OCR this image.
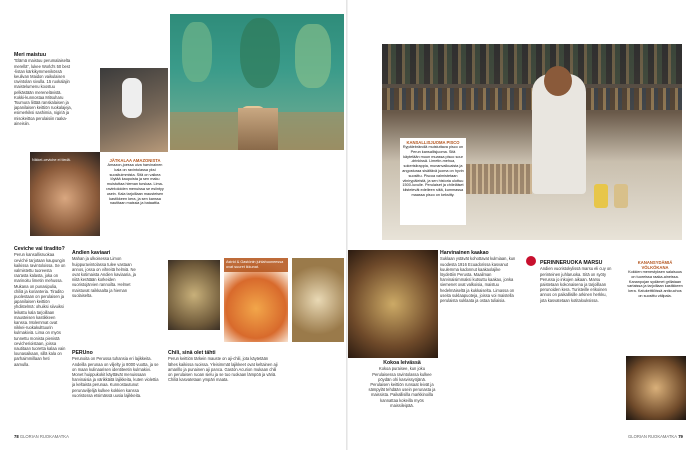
Meri maistuu
”Elämä maistuu perumalaiselta merellä”, lukee World's 50 best -listan kärkikymmenikössä keulivan Maidon vaikulaisen ravintolan sivulla. 15 ruokalajin maistelumenu koostuu pelkästään merenelävistä. Kokki-kunnostaa Mitsuharu Tsumura liittää ranskalaisen ja japanilaisen keittiön ruokalajeja, esimerkiksi sashimia, nigiriä ja misokeittoa perulaisiin raaka-aineisiin.
Nikkei-ceviche ei tiedä.	JÄTKALAA AMAZONISTA
Amazon-joessa uiva harvinainen kala on ravintolassa yksi suosituimmista. Sitä on vaikea löytää kaupoista ja sen maku muistuttaa hieman turskaa. Lima-ravintoloiden menuissa se esiintyy usein. Kala tarjoillaan mausteisen kastikkeen kera, ja sen kanssa nautitaan maissia ja bataattia.
Astrid & Gastónin juhlahuoneessa ovat suuret ikkunat.
Ceviche vai tiradito?
Perun kansallisruokaa ceviché tarjotaan kaupungin kaikissa ravintoloissa. Se on valmistettu tuoreesta raa'asta kalasta, joka on marinoitu limetin mehussa. Mukana on punasipulia, chiliä ja korianteria. Tiradito puolestaan on perulaisen ja japanilaisen keittiön yhdistelmä: ohuiksi siivuiksi leikattu kala tarjoillaan mausteisen kastikkeen kanssa. Molemmat ovat nikkei-ruokakulttuurin kulmakiviä. Lima on myös tunnettu monista pienistä cevicherioistaan, joissa nautitaan tuoretta kalaa vain lounasaikaan, sillä kala on parhaimmillaan heti aamulla.
Andien kaviaari
Mahan ja ulkoisessa Limon huippuravintolassa tulee vastaan annos, jossa on vihreitä helmiä. Ne ovat kotimaista Andien kaviaaria, ja niitä kerätään korkeiden vuoristojärvien rannoilta. Helmet maistuvat raikkaalta ja hieman suolaiselta.
PERUno
Perunoita on Perussa tuhansia eri lajikkeita. Andeilla perunaa on viljelty jo 8000 vuotta, ja se on maan kulinaarisen identiteetin kulmakivi. Monet huippukokit käyttävät menuissaan harvinaisia ja värikkäitä lajikkeita, kuten violettia ja keltaista perunaa. Kunnostautunut perunaviljelijä kulkee kokkien kanssa vuoristossa etsimässä uusia lajikkeita.
Chili, sinä olet tähti
Perun keittiön tärkein mauste on aji-chili, jota käytetään lähes kaikissa ruoissa. Yleisimmät lajikkeet ovat keltainen aji amarillo ja punainen aji panca. Gastón Acurion mukaan chili on perulaisen ruoan sielu ja se tuo ruokaan lämpöä ja väriä. Chiliä kasvatetaan ympäri maata.
78 GLORIAN RUOKAMATKA
KANSALLISJUOMA PISCO
Rypälebrändiä muistuttava pisco on Perun kansallisjuoma. Sitä käytetään muun muassa pisco sour -drinkissä. Limetin-mehua, sokerisiirappia, munanvalkuaista ja angosturaa sisältävä juoma on hyvin suosittu. Piscoa valmistetaan viinirypäleistä, ja sen historia ulottuu 1500-luvulle. Perulaiset ja chileläiset kiistelevät edelleen siitä, kummassa maassa pisco on keksitty.
Harvinainen kaakao
Suklaan ystävät kohottavat kulmiaan, kun vuodesta 1916 Ecuadorissa kasvanut kuulemma kadonnut kaakaolajike löydettiin Perusta. Maailman harvinaisimmaksi kutsuttu kaakao, jonka siemenet ovat valkoisia, maistuu hedelmäiseltä ja kukkaiselta. Limassa on useita suklaapuoteja, joissa voi maistella perulaista suklaata ja ostaa tuliaisia.
Kokoa leivässä
Kokoa puraisee, kun joku Perulaisessa ravintolassa kulkee pöydän ohi kasvissyöjänä. Perulaisen keittiön runsaat leivät ja sämpylät tehdään usein perunasta ja maissista. Paikallisilla markkinoilla kannattaa kokeilla myös maissileipää.
PERINNERUOKA MARSU
Andien vuoristokylissä marsu eli cuy on perinteinen juhlaruoka. Sitä on syöty Perussa jo inkojen aikaan. Marsu paistetaan kokonaisena ja tarjoillaan perunoiden kera. Turisteille erikoinen annos on paikallisille arkinen herkku, jota kasvatetaan kotitalouksissa.
KANANSYDÄMIÄ VÖLKÖKANA
Kokkien menestyksen salaisuus on tuoreissa raaka-aineissa. Kananpojan sydämet grillataan vartaissa ja tarjoillaan kastikkeen kera. Katukeittiöissä anticuchos on suosittu välipala.
GLORIAN RUOKAMATKA 79
